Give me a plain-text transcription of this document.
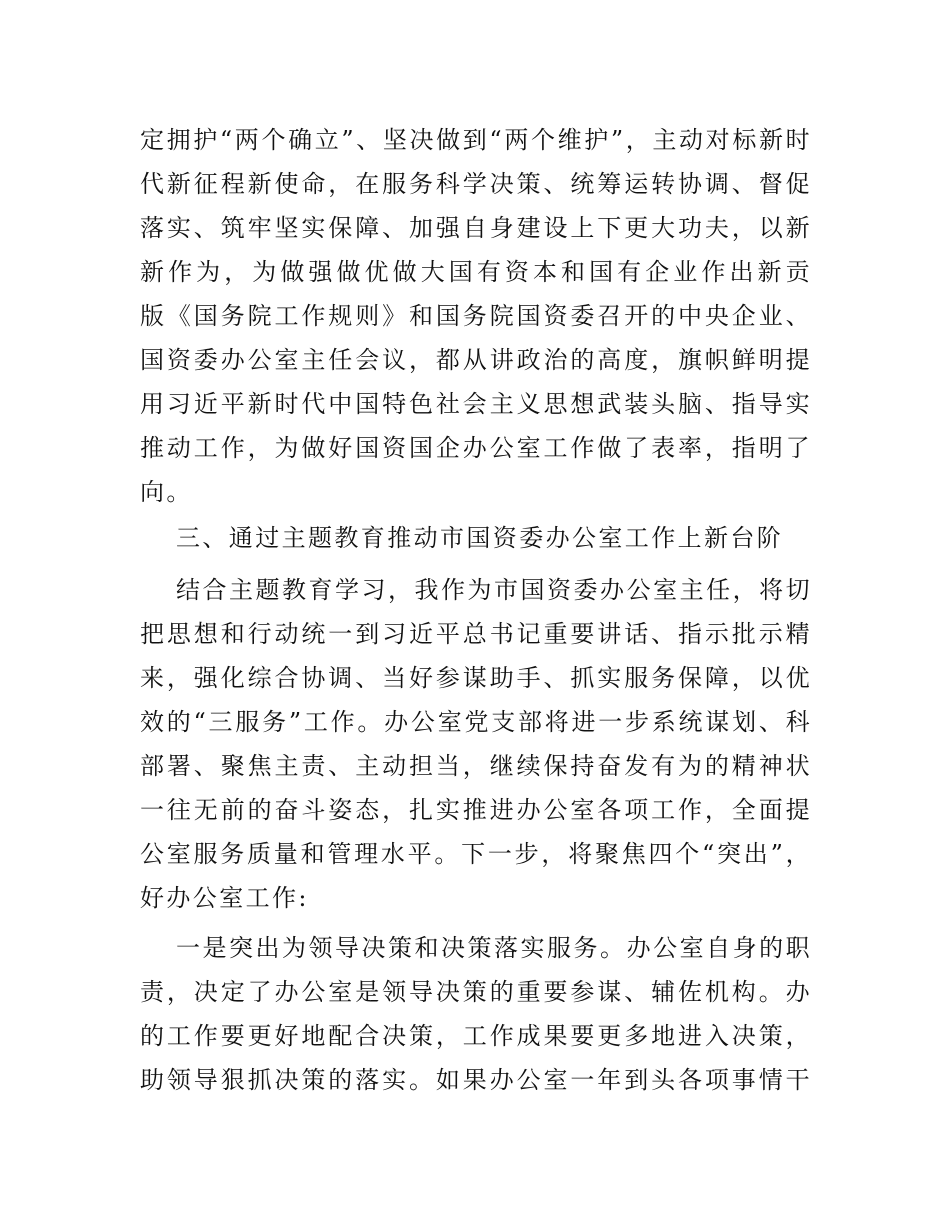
定拥护“两个确立”、坚决做到“两个维护”，主动对标新时
代新征程新使命，在服务科学决策、统筹运转协调、督促
落实、筑牢坚实保障、加强自身建设上下更大功夫，以新
新作为，为做强做优做大国有资本和国有企业作出新贡
版《国务院工作规则》和国务院国资委召开的中央企业、
国资委办公室主任会议，都从讲政治的高度，旗帜鲜明提
用习近平新时代中国特色社会主义思想武装头脑、指导实
推动工作，为做好国资国企办公室工作做了表率，指明了
向。
三、通过主题教育推动市国资委办公室工作上新台阶
结合主题教育学习，我作为市国资委办公室主任，将切
把思想和行动统一到习近平总书记重要讲话、指示批示精
来，强化综合协调、当好参谋助手、抓实服务保障，以优
效的“三服务”工作。办公室党支部将进一步系统谋划、科
部署、聚焦主责、主动担当，继续保持奋发有为的精神状
一往无前的奋斗姿态，扎实推进办公室各项工作，全面提
公室服务质量和管理水平。下一步，将聚焦四个“突出”，
好办公室工作:
一是突出为领导决策和决策落实服务。办公室自身的职
责，决定了办公室是领导决策的重要参谋、辅佐机构。办
的工作要更好地配合决策，工作成果要更多地进入决策，
助领导狠抓决策的落实。如果办公室一年到头各项事情干
